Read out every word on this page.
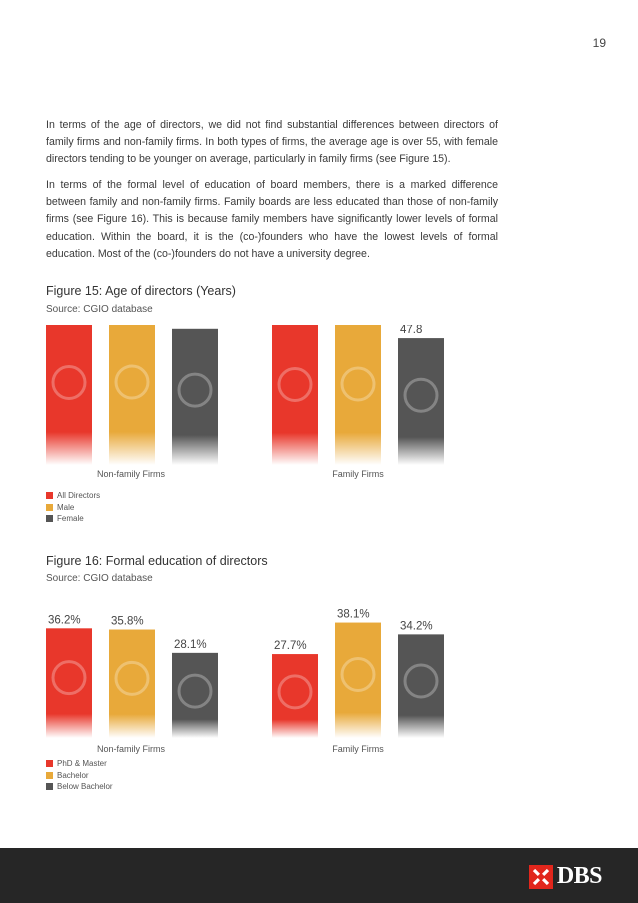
19

In terms of the age of directors, we did not find substantial differences between directors of family firms and non-family firms. In both types of firms, the average age is over 55, with female directors tending to be younger on average, particularly in family firms (see Figure 15).

In terms of the formal level of education of board members, there is a marked difference between family and non-family firms. Family boards are less educated than those of non-family firms (see Figure 16). This is because family members have significantly lower levels of formal education. Within the board, it is the (co-)founders who have the lowest levels of formal education. Most of the (co-)founders do not have a university degree.

Figure 15: Age of directors (Years)

Source: CGIO database

Non-family Firms
47.8
Family Firms
All Directors
Male
Female

Figure 16: Formal education of directors

Source: CGIO database

36.2%	35.8%
28.1%
Non-family Firms
27.7%
38.1%
34.2%
Family Firms
PhD & Master
Bachelor
Below Bachelor
DBS
